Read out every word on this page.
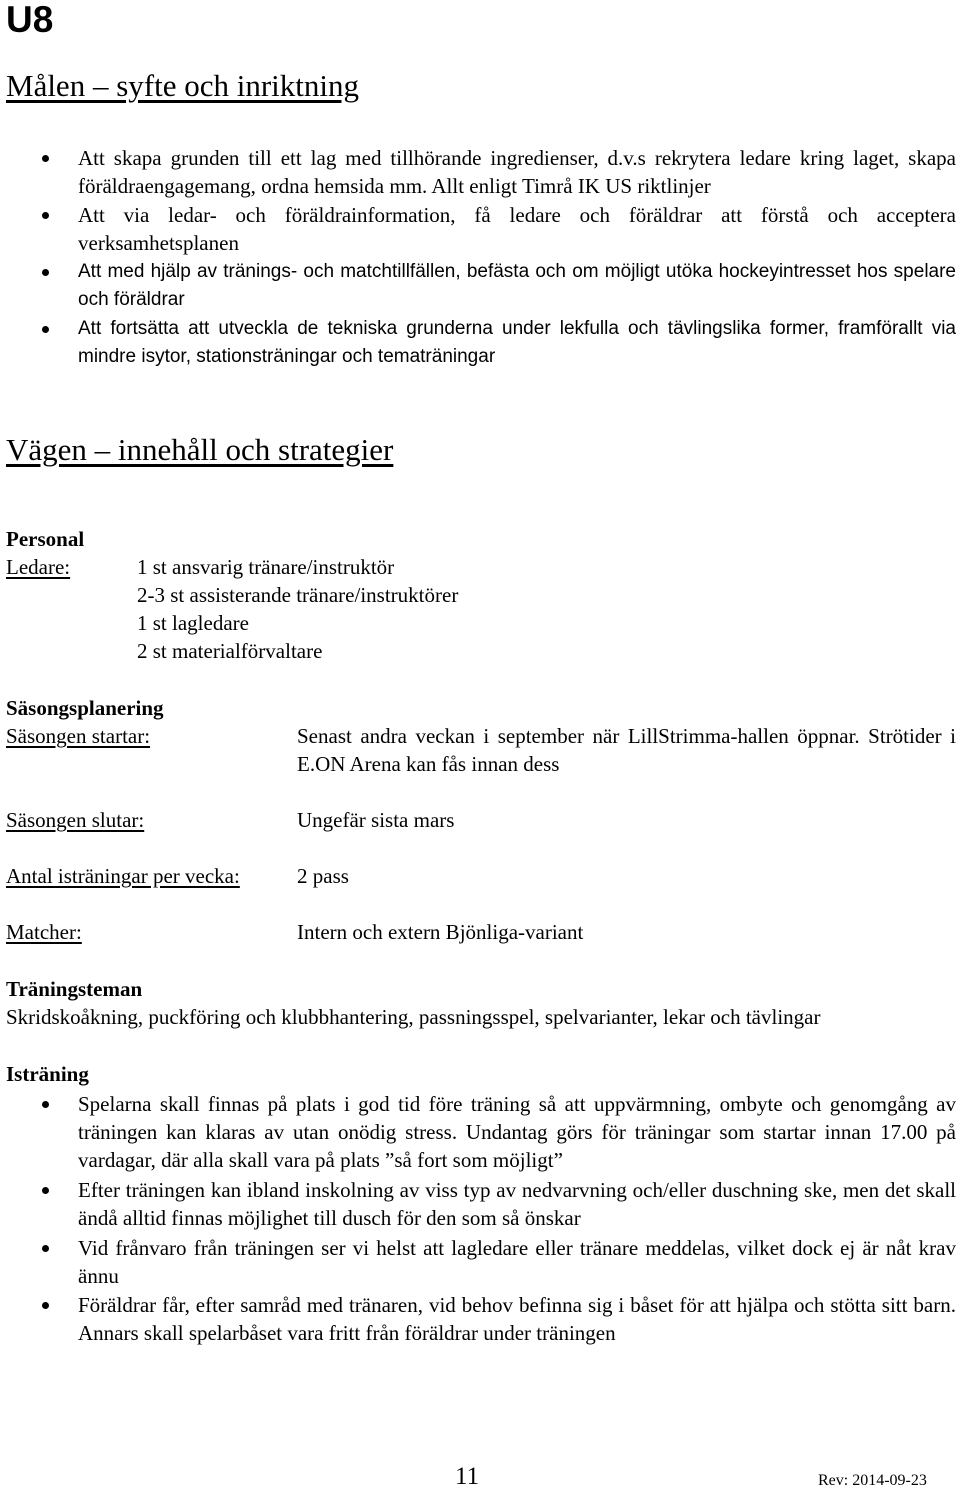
U8
Målen – syfte och inriktning
Att skapa grunden till ett lag med tillhörande ingredienser, d.v.s rekrytera ledare kring laget, skapa föräldraengagemang, ordna hemsida mm. Allt enligt Timrå IK US riktlinjer
Att via ledar- och föräldrainformation, få ledare och föräldrar att förstå och acceptera verksamhetsplanen
Att med hjälp av tränings- och matchtillfällen, befästa och om möjligt utöka hockeyintresset hos spelare och föräldrar
Att fortsätta att utveckla de tekniska grunderna under lekfulla och tävlingslika former, framförallt via mindre isytor, stationsträningar och tematräningar
Vägen – innehåll och strategier
Personal
Ledare:	1 st ansvarig tränare/instruktör
2-3 st assisterande tränare/instruktörer
1 st lagledare
2 st materialförvaltare
Säsongsplanering
Säsongen startar:	Senast andra veckan i september när LillStrimma-hallen öppnar. Strötider i E.ON Arena kan fås innan dess
Säsongen slutar:	Ungefär sista mars
Antal isträningar per vecka:	2 pass
Matcher:	Intern och extern Bjönliga-variant
Träningsteman
Skridskoåkning, puckföring och klubbhantering, passningsspel, spelvarianter, lekar och tävlingar
Isträning
Spelarna skall finnas på plats i god tid före träning så att uppvärmning, ombyte och genomgång av träningen kan klaras av utan onödig stress. Undantag görs för träningar som startar innan 17.00 på vardagar, där alla skall vara på plats ”så fort som möjligt”
Efter träningen kan ibland inskolning av viss typ av nedvarvning och/eller duschning ske, men det skall ändå alltid finnas möjlighet till dusch för den som så önskar
Vid frånvaro från träningen ser vi helst att lagledare eller tränare meddelas, vilket dock ej är nåt krav ännu
Föräldrar får, efter samråd med tränaren, vid behov befinna sig i båset för att hjälpa och stötta sitt barn. Annars skall spelarbåset vara fritt från föräldrar under träningen
11	Rev: 2014-09-23
